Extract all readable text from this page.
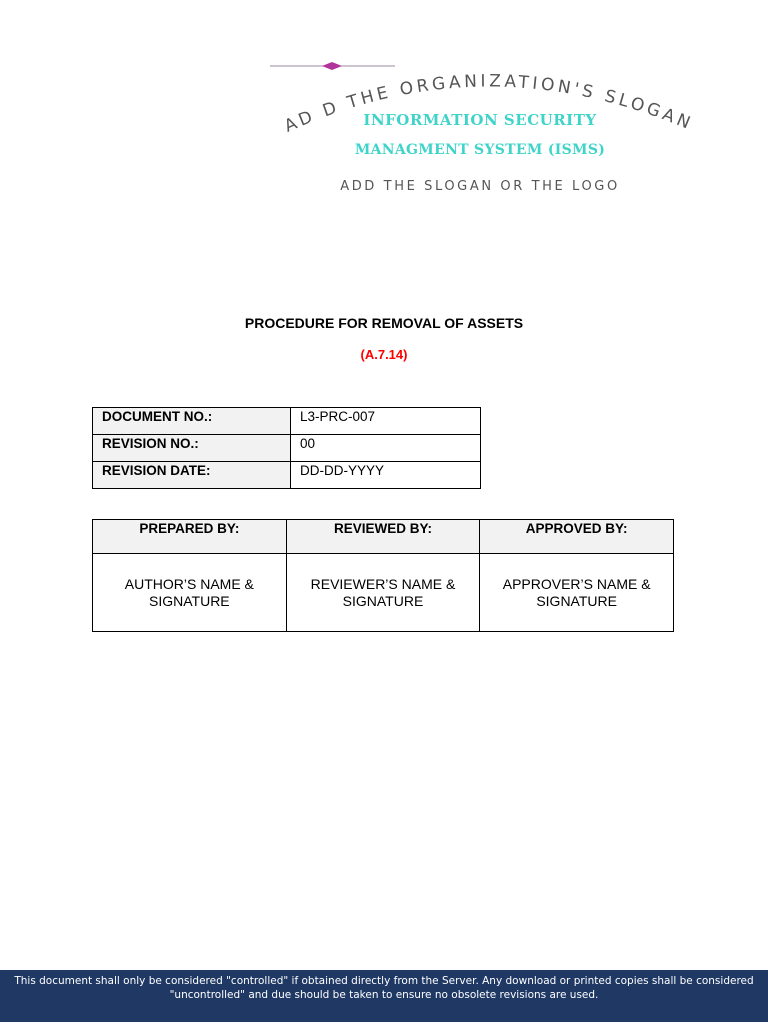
AD D THE ORGANIZATION'S SLOGAN
INFORMATION SECURITY
MANAGMENT SYSTEM (ISMS)
ADD THE SLOGAN OR THE LOGO
PROCEDURE FOR REMOVAL OF ASSETS
(A.7.14)
DOCUMENT NO.:	L3-PRC-007
REVISION NO.:	00
REVISION DATE:	DD-DD-YYYY
PREPARED BY:	REVIEWED BY:	APPROVED BY:
AUTHOR’S NAME & SIGNATURE	REVIEWER’S NAME & SIGNATURE	APPROVER’S NAME & SIGNATURE
This document shall only be considered "controlled" if obtained directly from the Server. Any download or printed copies shall be considered
"uncontrolled" and due should be taken to ensure no obsolete revisions are used.
